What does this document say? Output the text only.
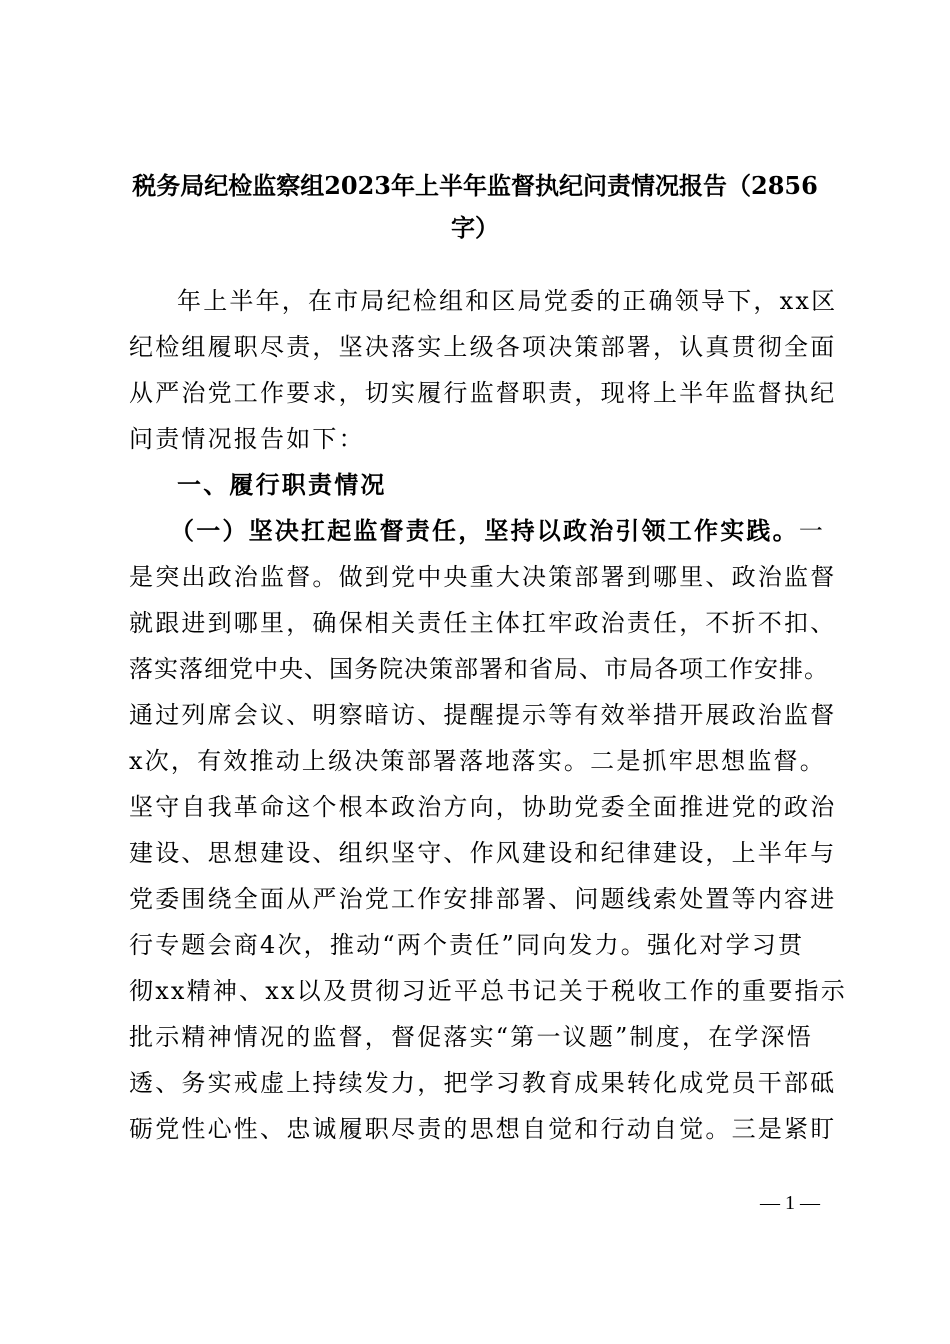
税务局纪检监察组2023年上半年监督执纪问责情况报告（2856
字）
年上半年，在市局纪检组和区局党委的正确领导下，xx区
纪检组履职尽责，坚决落实上级各项决策部署，认真贯彻全面
从严治党工作要求，切实履行监督职责，现将上半年监督执纪
问责情况报告如下：
一、履行职责情况
（一）坚决扛起监督责任，坚持以政治引领工作实践。一
是突出政治监督。做到党中央重大决策部署到哪里、政治监督
就跟进到哪里，确保相关责任主体扛牢政治责任，不折不扣、
落实落细党中央、国务院决策部署和省局、市局各项工作安排。
通过列席会议、明察暗访、提醒提示等有效举措开展政治监督
x次，有效推动上级决策部署落地落实。二是抓牢思想监督。
坚守自我革命这个根本政治方向，协助党委全面推进党的政治
建设、思想建设、组织坚守、作风建设和纪律建设，上半年与
党委围绕全面从严治党工作安排部署、问题线索处置等内容进
行专题会商4次，推动“两个责任”同向发力。强化对学习贯
彻xx精神、xx以及贯彻习近平总书记关于税收工作的重要指示
批示精神情况的监督，督促落实“第一议题”制度，在学深悟
透、务实戒虚上持续发力，把学习教育成果转化成党员干部砥
砺党性心性、忠诚履职尽责的思想自觉和行动自觉。三是紧盯
— 1 —
